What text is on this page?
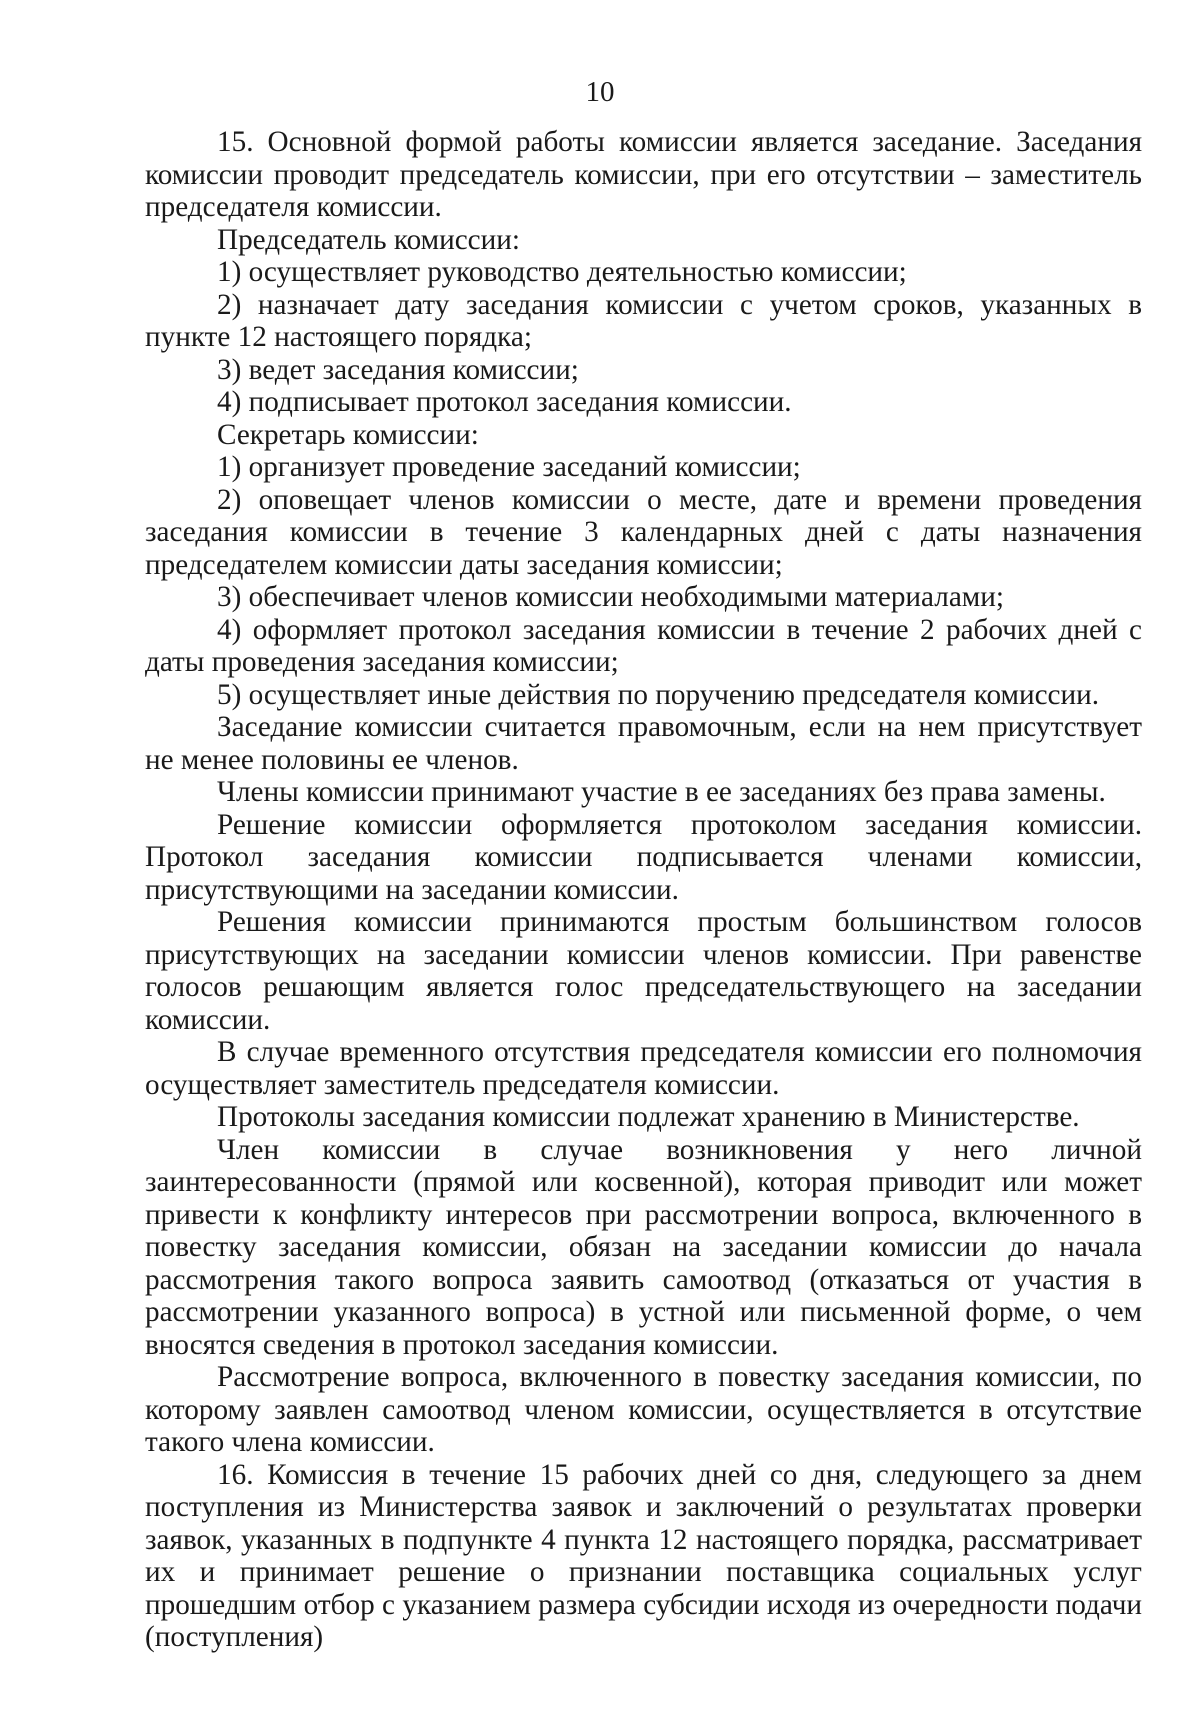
10

15. Основной формой работы комиссии является заседание. Заседания комиссии проводит председатель комиссии, при его отсутствии – заместитель председателя комиссии.

Председатель комиссии:

1) осуществляет руководство деятельностью комиссии;

2) назначает дату заседания комиссии с учетом сроков, указанных в пункте 12 настоящего порядка;

3) ведет заседания комиссии;

4) подписывает протокол заседания комиссии.

Секретарь комиссии:

1) организует проведение заседаний комиссии;

2) оповещает членов комиссии о месте, дате и времени проведения заседания комиссии в течение 3 календарных дней с даты назначения председателем комиссии даты заседания комиссии;

3) обеспечивает членов комиссии необходимыми материалами;

4) оформляет протокол заседания комиссии в течение 2 рабочих дней с даты проведения заседания комиссии;

5) осуществляет иные действия по поручению председателя комиссии.

Заседание комиссии считается правомочным, если на нем присутствует не менее половины ее членов.

Члены комиссии принимают участие в ее заседаниях без права замены.

Решение комиссии оформляется протоколом заседания комиссии. Протокол заседания комиссии подписывается членами комиссии, присутствующими на заседании комиссии.

Решения комиссии принимаются простым большинством голосов присутствующих на заседании комиссии членов комиссии. При равенстве голосов решающим является голос председательствующего на заседании комиссии.

В случае временного отсутствия председателя комиссии его полномочия осуществляет заместитель председателя комиссии.

Протоколы заседания комиссии подлежат хранению в Министерстве.

Член комиссии в случае возникновения у него личной заинтересованности (прямой или косвенной), которая приводит или может привести к конфликту интересов при рассмотрении вопроса, включенного в повестку заседания комиссии, обязан на заседании комиссии до начала рассмотрения такого вопроса заявить самоотвод (отказаться от участия в рассмотрении указанного вопроса) в устной или письменной форме, о чем вносятся сведения в протокол заседания комиссии.

Рассмотрение вопроса, включенного в повестку заседания комиссии, по которому заявлен самоотвод членом комиссии, осуществляется в отсутствие такого члена комиссии.

16. Комиссия в течение 15 рабочих дней со дня, следующего за днем поступления из Министерства заявок и заключений о результатах проверки заявок, указанных в подпункте 4 пункта 12 настоящего порядка, рассматривает их и принимает решение о признании поставщика социальных услуг прошедшим отбор с указанием размера субсидии исходя из очередности подачи (поступления)
